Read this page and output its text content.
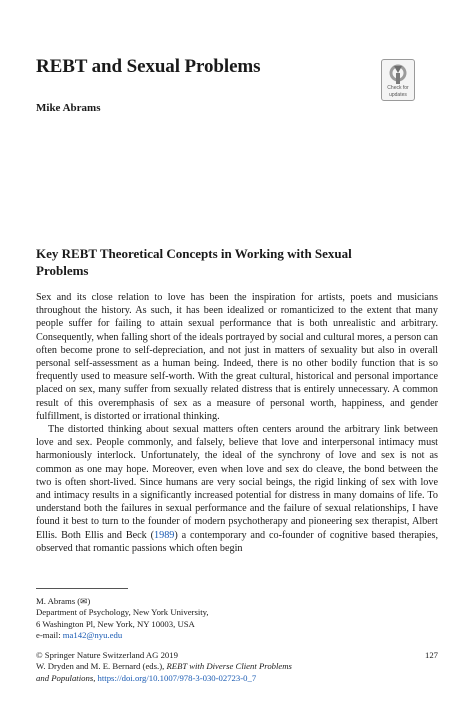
REBT and Sexual Problems
Check for
updates
Mike Abrams
Key REBT Theoretical Concepts in Working with Sexual
Problems

Sex and its close relation to love has been the inspiration for artists, poets and musicians throughout the history. As such, it has been idealized or romanticized to the extent that many people suffer for failing to attain sexual performance that is both unrealistic and arbitrary. Consequently, when falling short of the ideals portrayed by social and cultural mores, a person can often become prone to self-depreciation, and not just in matters of sexuality but also in overall personal self-assessment as a human being. Indeed, there is no other bodily function that is so frequently used to measure self-worth. With the great cultural, historical and personal importance placed on sex, many suffer from sexually related distress that is entirely unnecessary. A common result of this overemphasis of sex as a measure of personal worth, happiness, and gender fulfillment, is distorted or irrational thinking.

The distorted thinking about sexual matters often centers around the arbitrary link between love and sex. People commonly, and falsely, believe that love and interpersonal intimacy must harmoniously interlock. Unfortunately, the ideal of the synchrony of love and sex is not as common as one may hope. Moreover, even when love and sex do cleave, the bond between the two is often short-lived. Since humans are very social beings, the rigid linking of sex with love and intimacy results in a significantly increased potential for distress in many domains of life. To understand both the failures in sexual performance and the failure of sexual relationships, I have found it best to turn to the founder of modern psychotherapy and pioneering sex therapist, Albert Ellis. Both Ellis and Beck (1989) a contemporary and co-founder of cognitive based therapies, observed that romantic passions which often begin

M. Abrams (✉)
Department of Psychology, New York University,
6 Washington Pl, New York, NY 10003, USA
e-mail: ma142@nyu.edu
© Springer Nature Switzerland AG 2019	127
W. Dryden and M. E. Bernard (eds.), REBT with Diverse Client Problems
and Populations, https://doi.org/10.1007/978-3-030-02723-0_7
